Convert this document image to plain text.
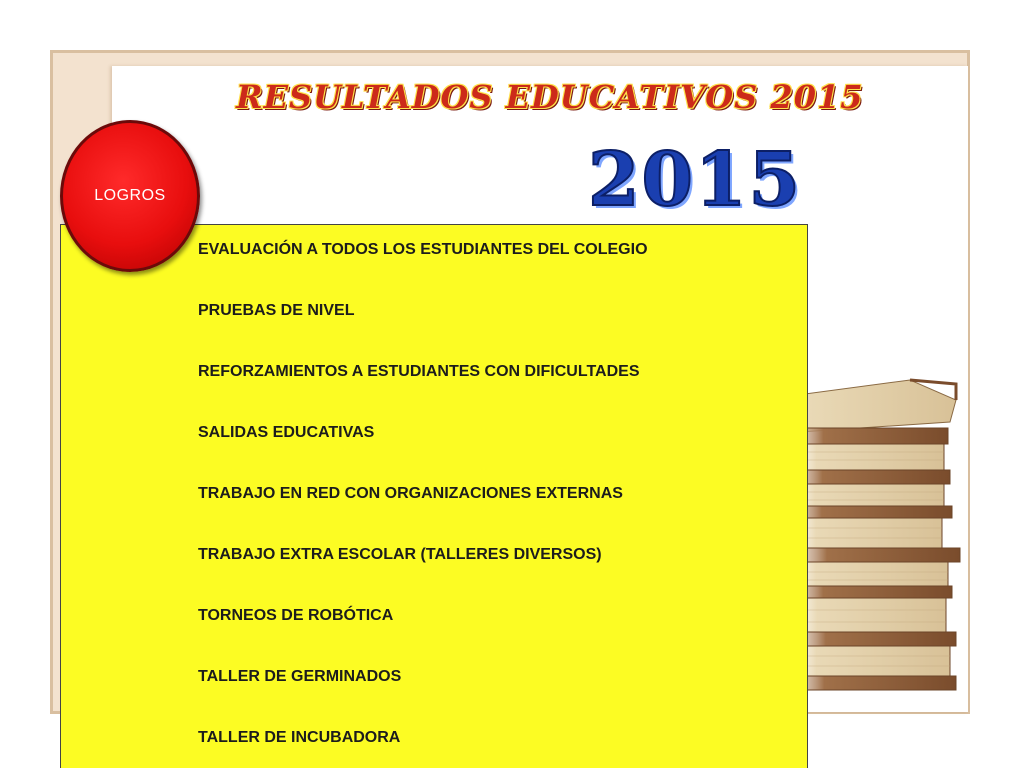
RESULTADOS EDUCATIVOS 2015
2015
EVALUACIÓN A TODOS LOS ESTUDIANTES DEL COLEGIO
PRUEBAS DE NIVEL
REFORZAMIENTOS A ESTUDIANTES CON DIFICULTADES
SALIDAS EDUCATIVAS
TRABAJO EN RED CON ORGANIZACIONES EXTERNAS
TRABAJO EXTRA ESCOLAR (TALLERES DIVERSOS)
TORNEOS DE ROBÓTICA
TALLER DE GERMINADOS
TALLER DE INCUBADORA
LOGROS
